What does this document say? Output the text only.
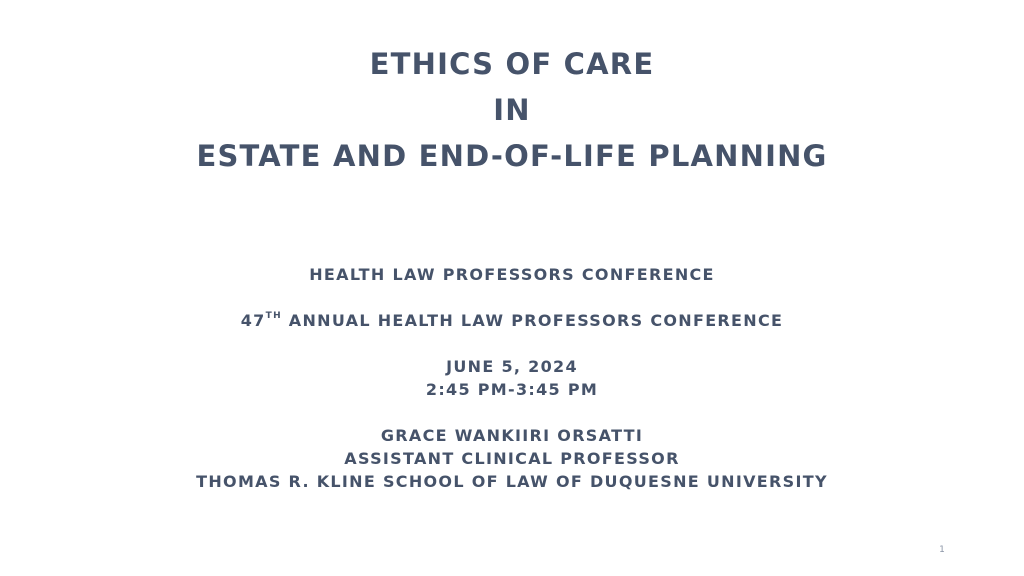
ETHICS OF CARE
IN
ESTATE AND END-OF-LIFE PLANNING
HEALTH LAW PROFESSORS CONFERENCE
47TH ANNUAL HEALTH LAW PROFESSORS CONFERENCE
JUNE 5, 2024
2:45 PM-3:45 PM
GRACE WANKIIRI ORSATTI
ASSISTANT CLINICAL PROFESSOR
THOMAS R. KLINE SCHOOL OF LAW OF DUQUESNE UNIVERSITY
1
